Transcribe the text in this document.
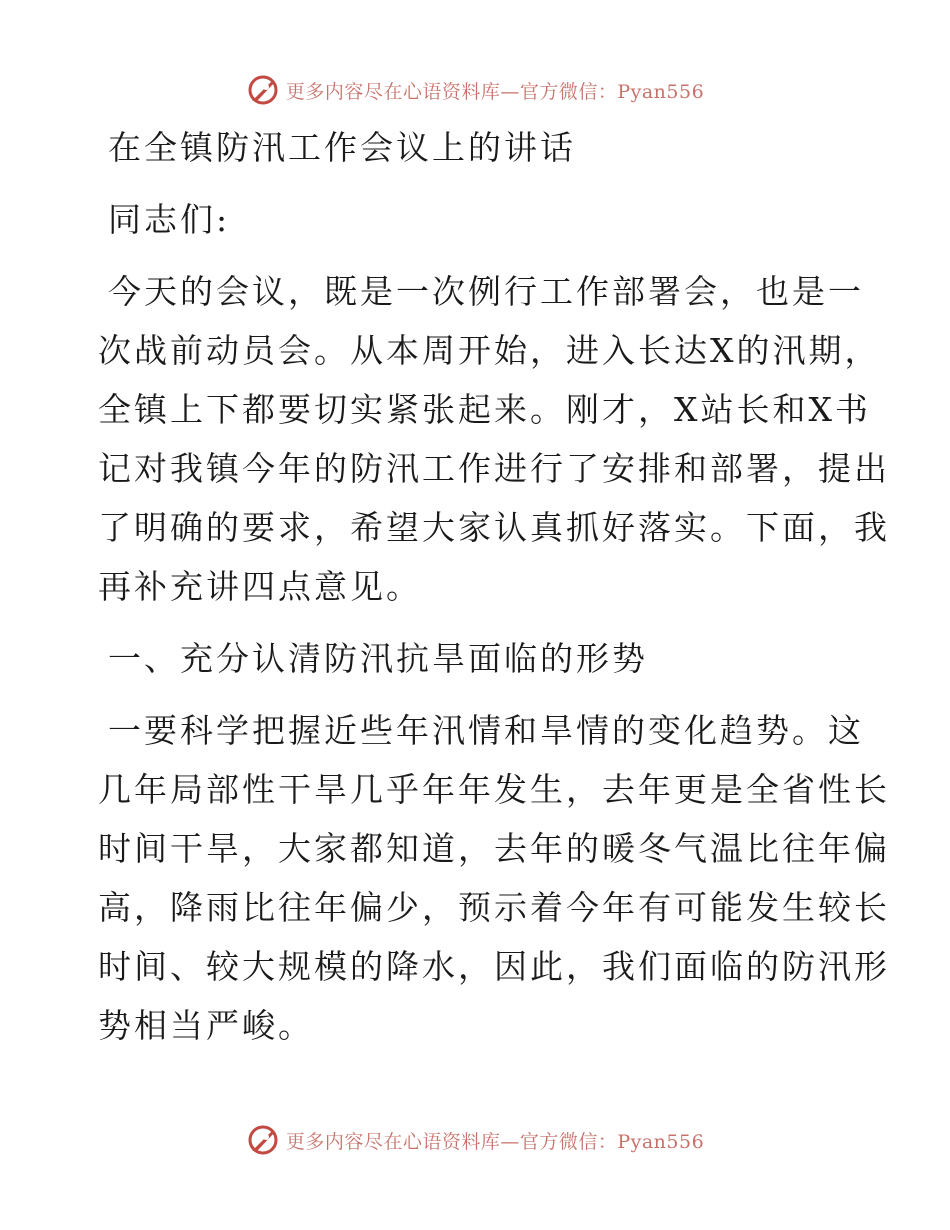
更多内容尽在心语资料库—官方微信：Pyan556
在全镇防汛工作会议上的讲话
同志们:
今天的会议，既是一次例行工作部署会，也是一
次战前动员会。从本周开始，进入长达X的汛期，
全镇上下都要切实紧张起来。刚才，X站长和X书
记对我镇今年的防汛工作进行了安排和部署，提出
了明确的要求，希望大家认真抓好落实。下面，我
再补充讲四点意见。
一、充分认清防汛抗旱面临的形势
一要科学把握近些年汛情和旱情的变化趋势。这
几年局部性干旱几乎年年发生，去年更是全省性长
时间干旱，大家都知道，去年的暖冬气温比往年偏
高，降雨比往年偏少，预示着今年有可能发生较长
时间、较大规模的降水，因此，我们面临的防汛形
势相当严峻。
更多内容尽在心语资料库—官方微信：Pyan556
